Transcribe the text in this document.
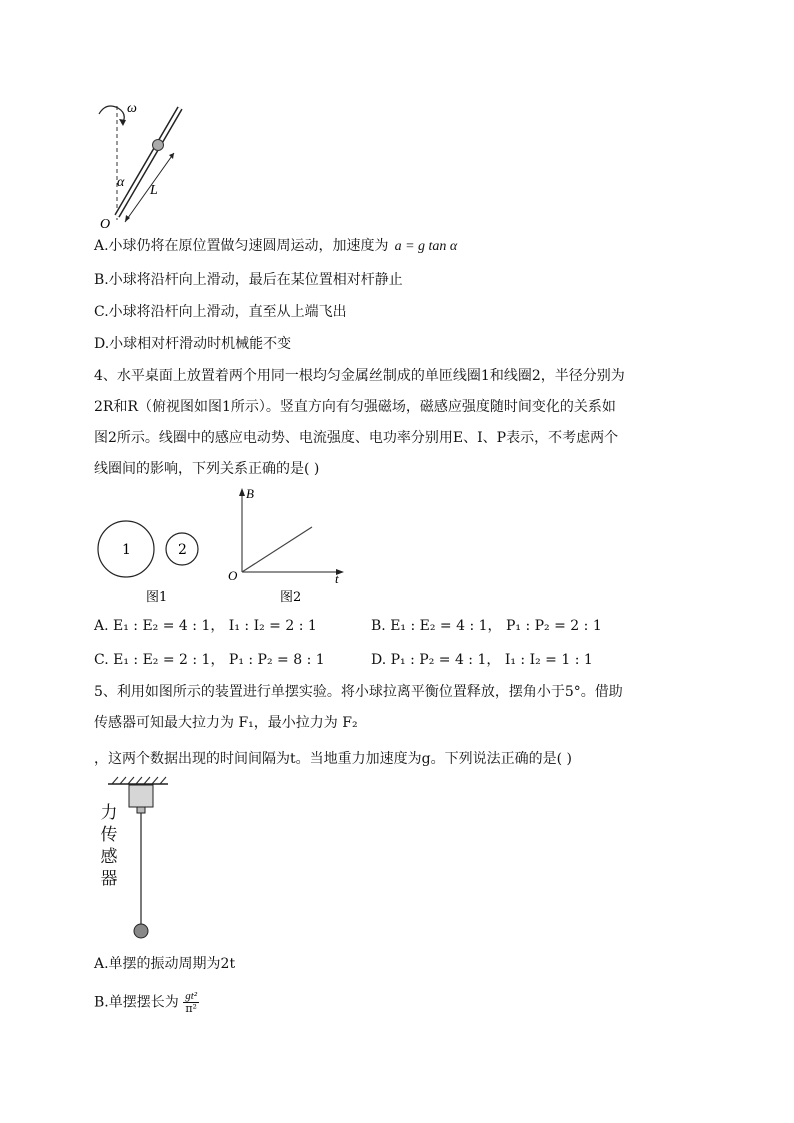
ω
α
L
O
A.小球仍将在原位置做匀速圆周运动，加速度为 a = g tan α
B.小球将沿杆向上滑动，最后在某位置相对杆静止
C.小球将沿杆向上滑动，直至从上端飞出
D.小球相对杆滑动时机械能不变
4、水平桌面上放置着两个用同一根均匀金属丝制成的单匝线圈1和线圈2，半径分别为
2R和R（俯视图如图1所示）。竖直方向有匀强磁场，磁感应强度随时间变化的关系如
图2所示。线圈中的感应电动势、电流强度、电功率分别用E、I、P表示，不考虑两个
线圈间的影响，下列关系正确的是( )
1	2
图1
B
O	t
图2
A. E₁ : E₂ = 4 : 1， I₁ : I₂ = 2 : 1	B. E₁ : E₂ = 4 : 1， P₁ : P₂ = 2 : 1
C. E₁ : E₂ = 2 : 1， P₁ : P₂ = 8 : 1	D. P₁ : P₂ = 4 : 1， I₁ : I₂ = 1 : 1
5、利用如图所示的装置进行单摆实验。将小球拉离平衡位置释放，摆角小于5°。借助
传感器可知最大拉力为 F₁，最小拉力为 F₂
，这两个数据出现的时间间隔为t。当地重力加速度为g。下列说法正确的是( )
力
传
感
器
A.单摆的振动周期为2t
B.单摆摆长为 $\frac{\text{gt²}}{\text{π²}}$
